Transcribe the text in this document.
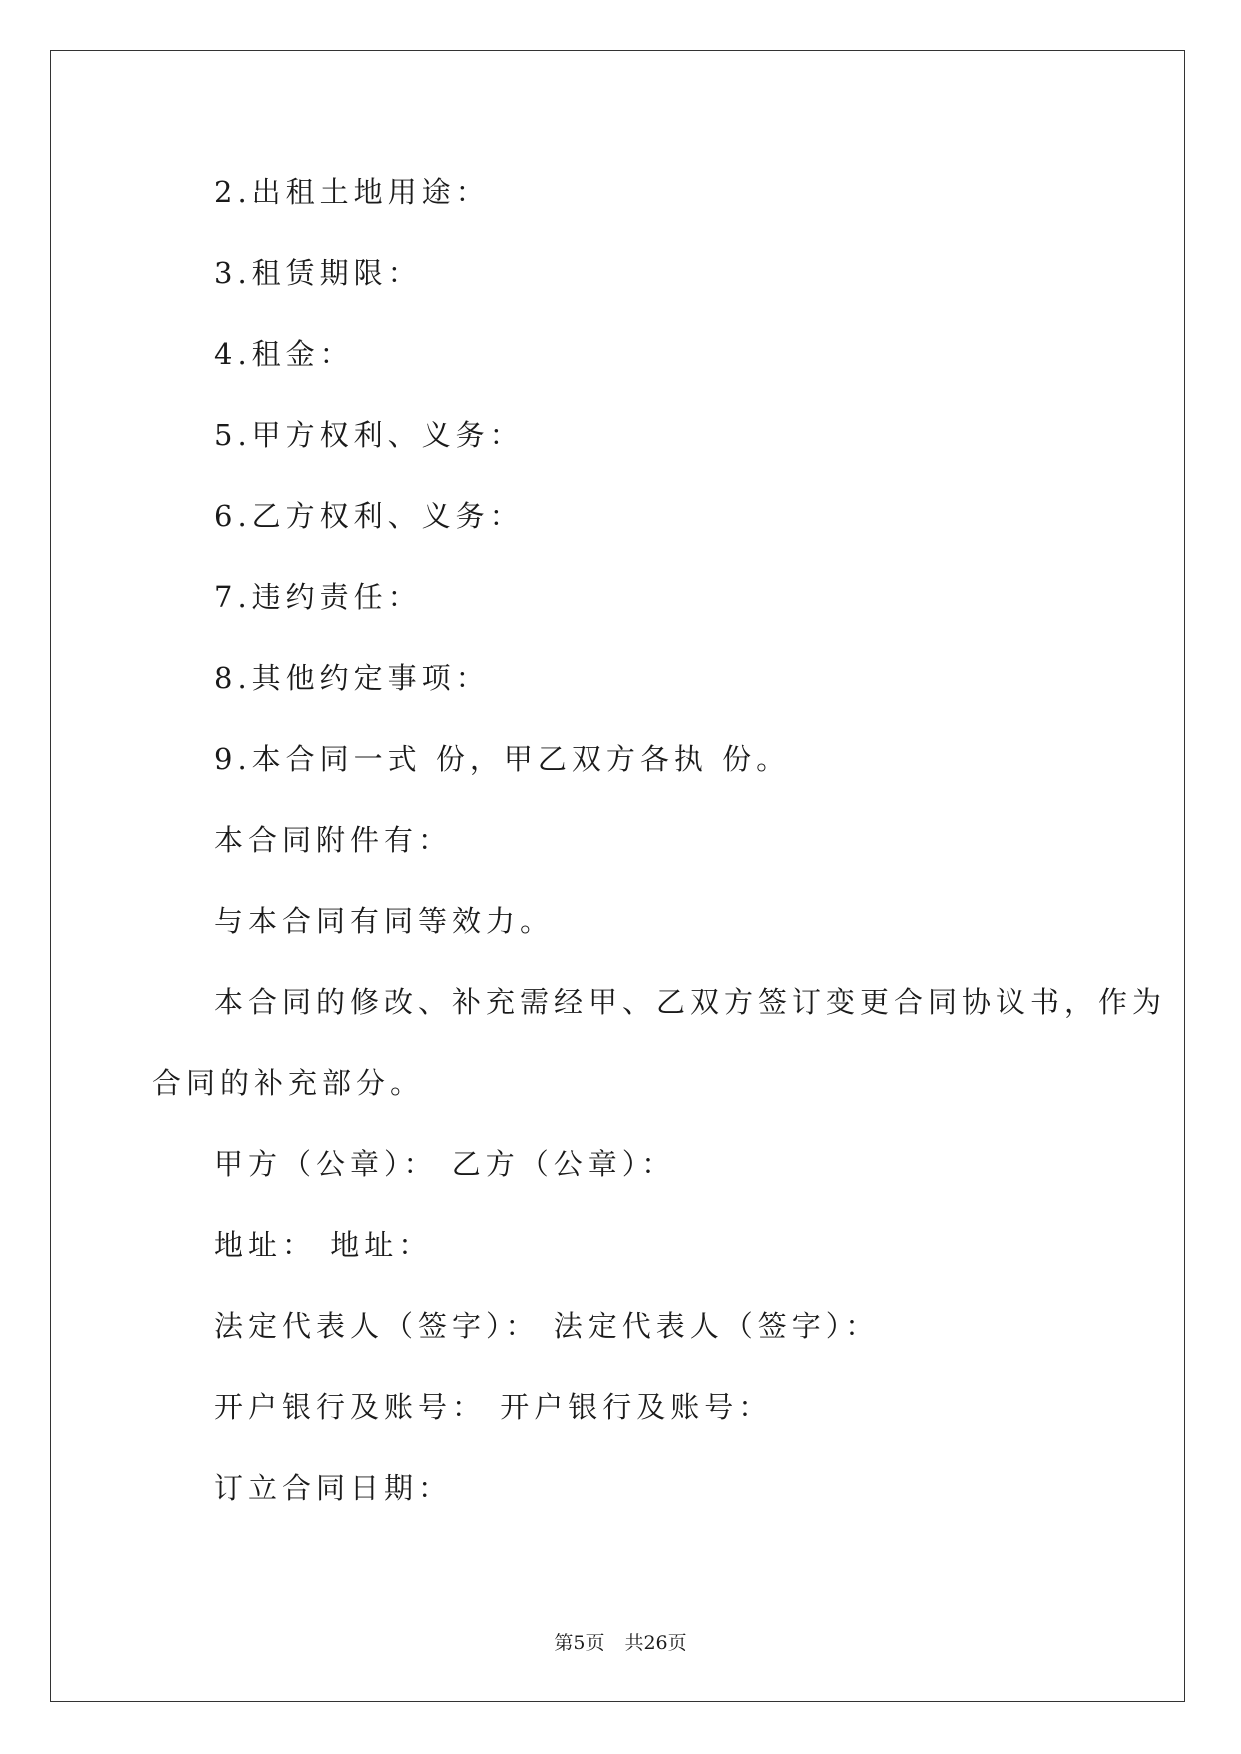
2.出租土地用途：
3.租赁期限：
4.租金：
5.甲方权利、义务：
6.乙方权利、义务：
7.违约责任：
8.其他约定事项：
9.本合同一式 份，甲乙双方各执 份。
本合同附件有：
与本合同有同等效力。
本合同的修改、补充需经甲、乙双方签订变更合同协议书，作为
合同的补充部分。
甲方（公章）： 乙方（公章）：
地址： 地址：
法定代表人（签字）： 法定代表人（签字）：
开户银行及账号： 开户银行及账号：
订立合同日期：
第5页 共26页
